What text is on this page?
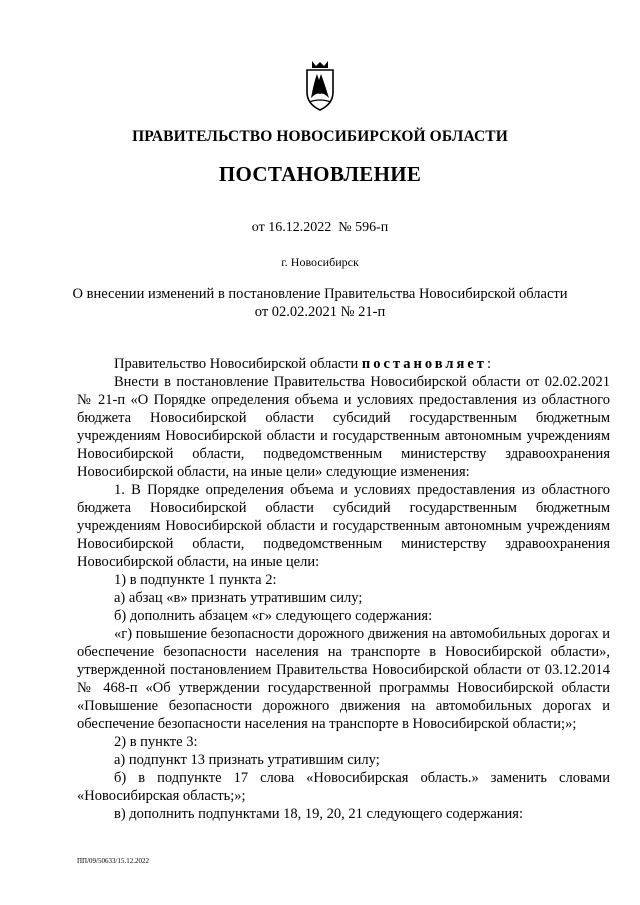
ПРАВИТЕЛЬСТВО НОВОСИБИРСКОЙ ОБЛАСТИ
ПОСТАНОВЛЕНИЕ
от 16.12.2022  № 596-п
г. Новосибирск
О внесении изменений в постановление Правительства Новосибирской области
от 02.02.2021 № 21-п

Правительство Новосибирской области постановляет:

Внести в постановление Правительства Новосибирской области от 02.02.2021 № 21-п «О Порядке определения объема и условиях предоставления из областного бюджета Новосибирской области субсидий государственным бюджетным учреждениям Новосибирской области и государственным автономным учреждениям Новосибирской области, подведомственным министерству здравоохранения Новосибирской области, на иные цели» следующие изменения:

1. В Порядке определения объема и условиях предоставления из областного бюджета Новосибирской области субсидий государственным бюджетным учреждениям Новосибирской области и государственным автономным учреждениям Новосибирской области, подведомственным министерству здравоохранения Новосибирской области, на иные цели:

1) в подпункте 1 пункта 2:

а) абзац «в» признать утратившим силу;

б) дополнить абзацем «г» следующего содержания:

«г) повышение безопасности дорожного движения на автомобильных дорогах и обеспечение безопасности населения на транспорте в Новосибирской области», утвержденной постановлением Правительства Новосибирской области от 03.12.2014 № 468-п «Об утверждении государственной программы Новосибирской области «Повышение безопасности дорожного движения на автомобильных дорогах и обеспечение безопасности населения на транспорте в Новосибирской области;»;

2) в пункте 3:

а) подпункт 13 признать утратившим силу;

б) в подпункте 17 слова «Новосибирская область.» заменить словами «Новосибирская область;»;

в) дополнить подпунктами 18, 19, 20, 21 следующего содержания:

ПП/09/50633/15.12.2022
